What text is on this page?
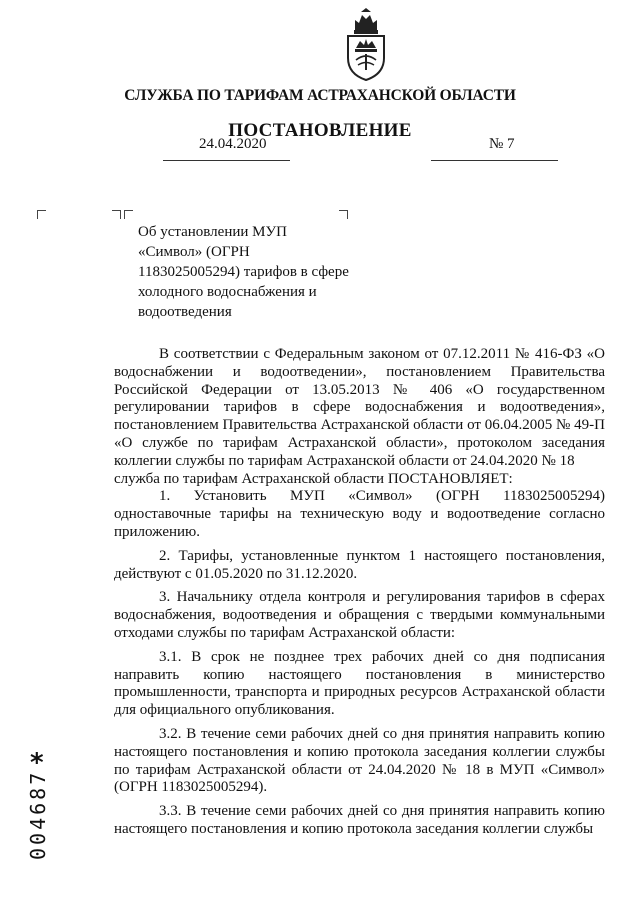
СЛУЖБА ПО ТАРИФАМ АСТРАХАНСКОЙ ОБЛАСТИ
ПОСТАНОВЛЕНИЕ
24.04.2020	№ 7
Об установлении МУП
«Символ» (ОГРН
1183025005294) тарифов в сфере
холодного водоснабжения и
водоотведения

В соответствии с Федеральным законом от 07.12.2011 № 416-ФЗ «О водоснабжении и водоотведении», постановлением Правительства Российской Федерации от 13.05.2013 № 406 «О государственном регулировании тарифов в сфере водоснабжения и водоотведения», постановлением Правительства Астраханской области от 06.04.2005 № 49-П «О службе по тарифам Астраханской области», протоколом заседания коллегии службы по тарифам Астраханской области от 24.04.2020 № 18

служба по тарифам Астраханской области ПОСТАНОВЛЯЕТ:

1. Установить МУП «Символ» (ОГРН 1183025005294) одноставочные тарифы на техническую воду и водоотведение согласно приложению.

2. Тарифы, установленные пунктом 1 настоящего постановления, действуют с 01.05.2020 по 31.12.2020.

3. Начальнику отдела контроля и регулирования тарифов в сферах водоснабжения, водоотведения и обращения с твердыми коммунальными отходами службы по тарифам Астраханской области:

3.1. В срок не позднее трех рабочих дней со дня подписания направить копию настоящего постановления в министерство промышленности, транспорта и природных ресурсов Астраханской области для официального опубликования.

3.2. В течение семи рабочих дней со дня принятия направить копию настоящего постановления и копию протокола заседания коллегии службы по тарифам Астраханской области от 24.04.2020 № 18 в МУП «Символ» (ОГРН 1183025005294).

3.3. В течение семи рабочих дней со дня принятия направить копию настоящего постановления и копию протокола заседания коллегии службы

*
004687
